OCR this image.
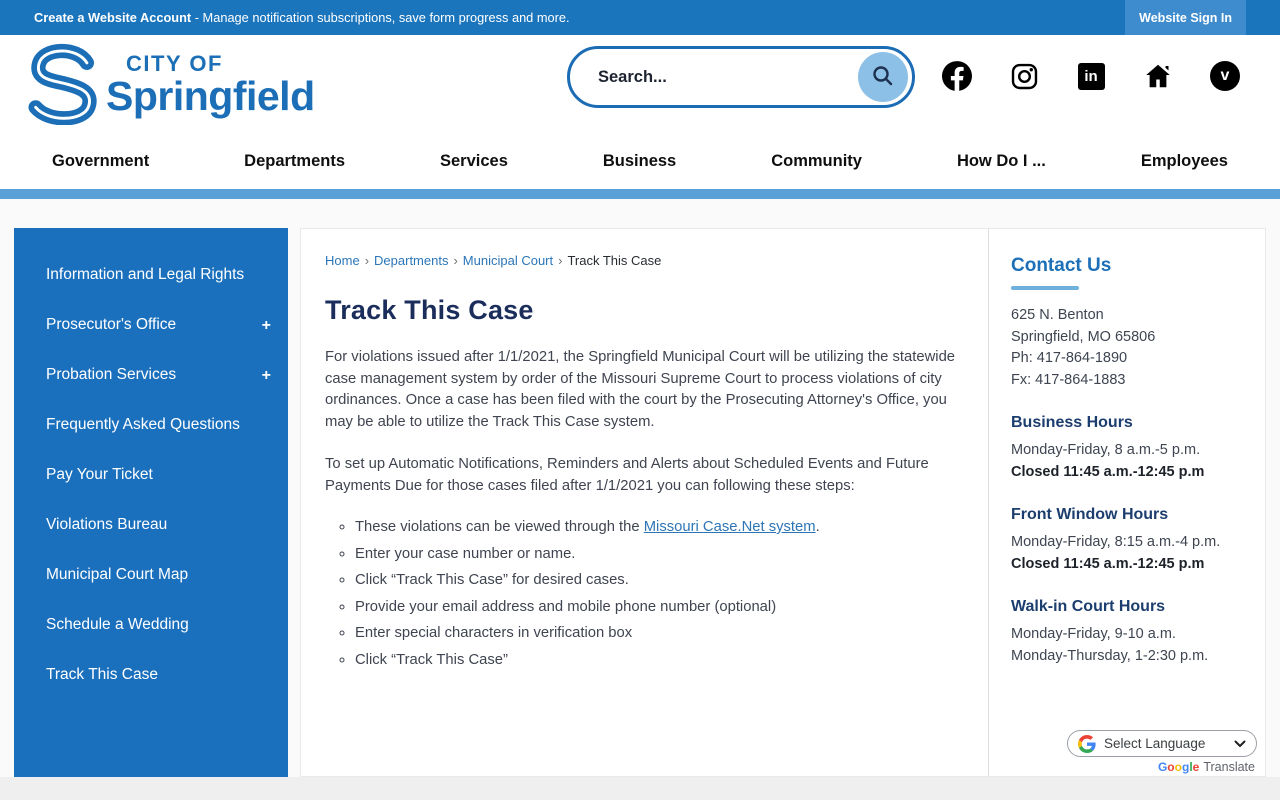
Create a Website Account - Manage notification subscriptions, save form progress and more.	Website Sign In
CITY OF
Springfield
Search...	in	v
Government	Departments	Services	Business	Community	How Do I ...	Employees
Information and Legal Rights
Prosecutor's Office	+
Probation Services	+
Frequently Asked Questions
Pay Your Ticket
Violations Bureau
Municipal Court Map
Schedule a Wedding
Track This Case
Home › Departments › Municipal Court › Track This Case
Track This Case

For violations issued after 1/1/2021, the Springfield Municipal Court will be utilizing the statewide case management system by order of the Missouri Supreme Court to process violations of city ordinances. Once a case has been filed with the court by the Prosecuting Attorney's Office, you may be able to utilize the Track This Case system.

To set up Automatic Notifications, Reminders and Alerts about Scheduled Events and Future Payments Due for those cases filed after 1/1/2021 you can following these steps:

◦ These violations can be viewed through the Missouri Case.Net system.
◦ Enter your case number or name.
◦ Click “Track This Case” for desired cases.
◦ Provide your email address and mobile phone number (optional)
◦ Enter special characters in verification box
◦ Click “Track This Case”
Contact Us
625 N. Benton
Springfield, MO 65806
Ph: 417-864-1890
Fx: 417-864-1883
Business Hours
Monday-Friday, 8 a.m.-5 p.m.
Closed 11:45 a.m.-12:45 p.m
Front Window Hours
Monday-Friday, 8:15 a.m.-4 p.m.
Closed 11:45 a.m.-12:45 p.m
Walk-in Court Hours
Monday-Friday, 9-10 a.m.
Monday-Thursday, 1-2:30 p.m.
Select Language
Google Translate
